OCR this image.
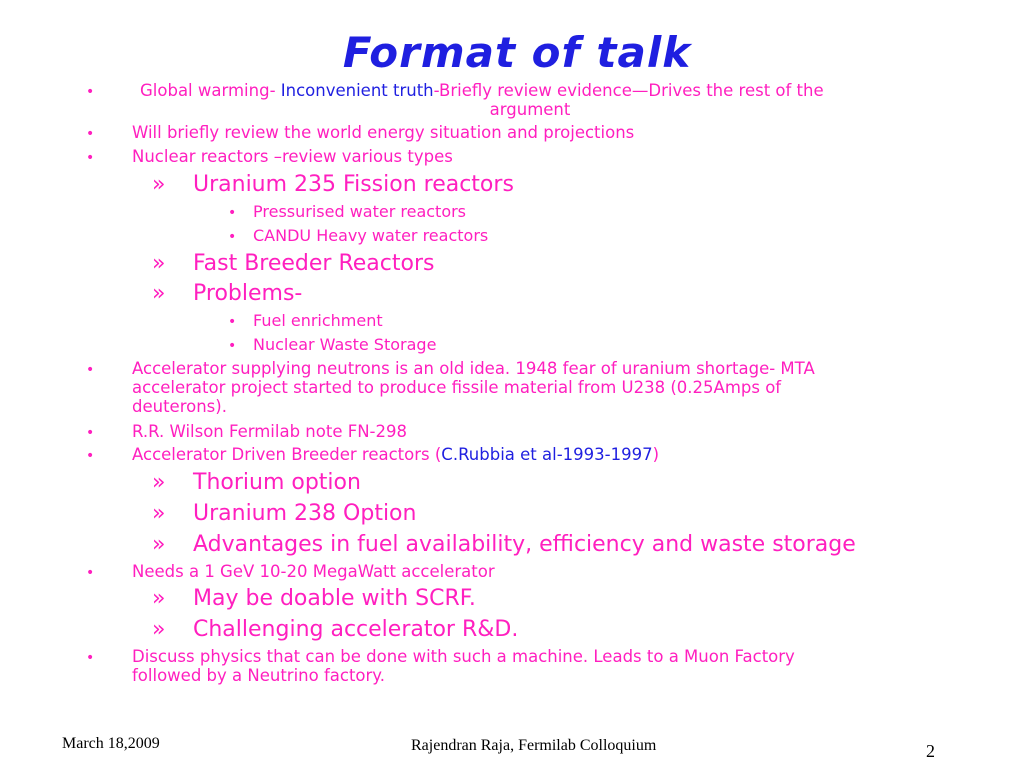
Format of talk
•	Global warming- Inconvenient truth-Briefly review evidence—Drives the rest of the
argument
• Will briefly review the world energy situation and projections
• Nuclear reactors –review various types
» Uranium 235 Fission reactors
• Pressurised water reactors
• CANDU Heavy water reactors
» Fast Breeder Reactors
» Problems-
• Fuel enrichment
• Nuclear Waste Storage
• Accelerator supplying neutrons is an old idea. 1948 fear of uranium shortage- MTA
accelerator project started to produce fissile material from U238 (0.25Amps of
deuterons).
• R.R. Wilson Fermilab note FN-298
• Accelerator Driven Breeder reactors (C.Rubbia et al-1993-1997)
» Thorium option
» Uranium 238 Option
» Advantages in fuel availability, efficiency and waste storage
• Needs a 1 GeV 10-20 MegaWatt accelerator
» May be doable with SCRF.
» Challenging accelerator R&D.
• Discuss physics that can be done with such a machine. Leads to a Muon Factory
followed by a Neutrino factory.
March 18,2009	Rajendran Raja, Fermilab Colloquium	2
